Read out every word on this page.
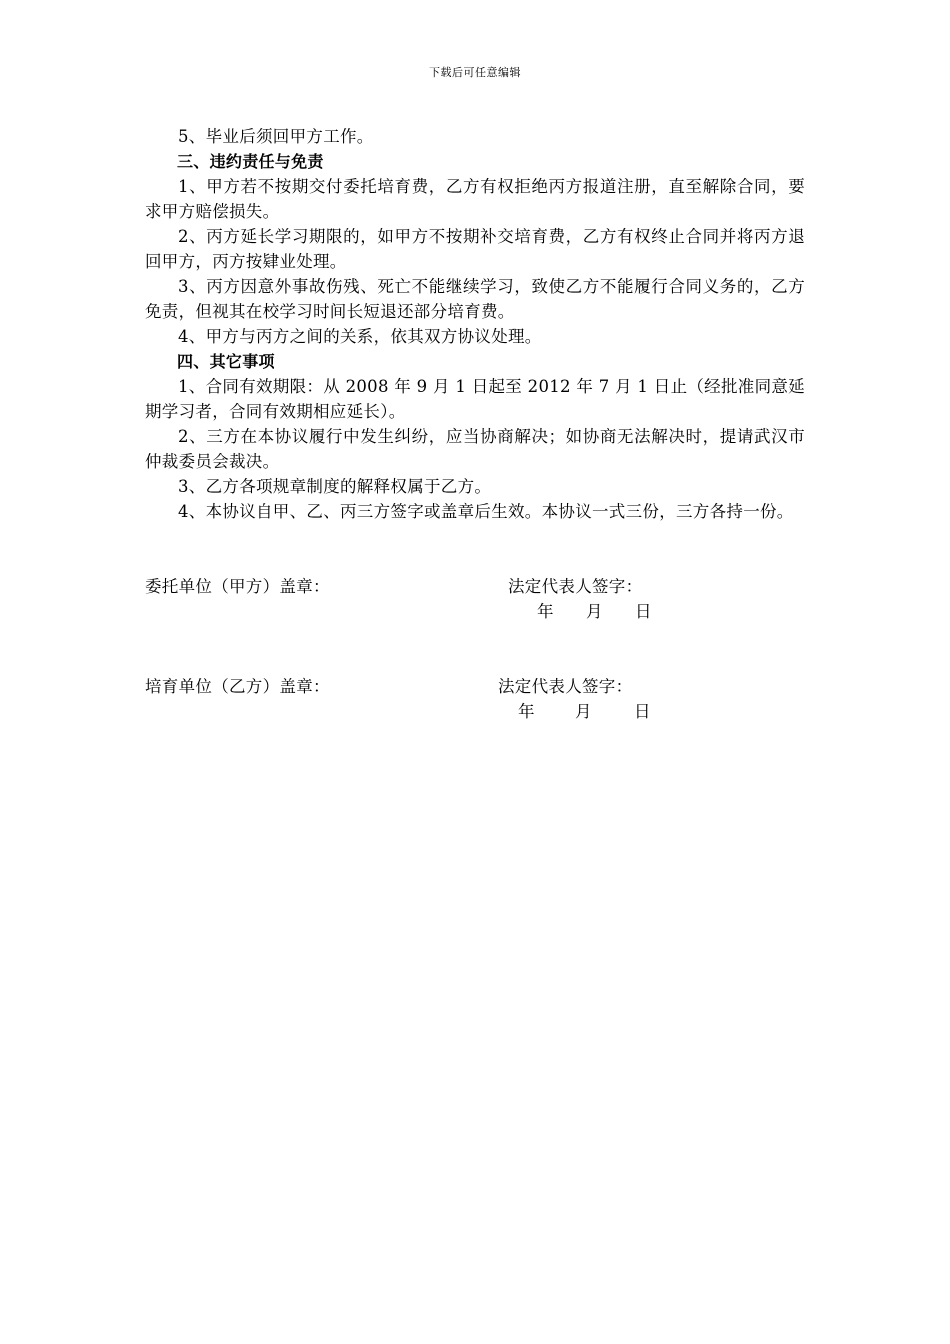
下载后可任意编辑

5、毕业后须回甲方工作。

三、违约责任与免责

1、甲方若不按期交付委托培育费，乙方有权拒绝丙方报道注册，直至解除合同，要求甲方赔偿损失。

2、丙方延长学习期限的，如甲方不按期补交培育费，乙方有权终止合同并将丙方退回甲方，丙方按肄业处理。

3、丙方因意外事故伤残、死亡不能继续学习，致使乙方不能履行合同义务的，乙方免责，但视其在校学习时间长短退还部分培育费。

4、甲方与丙方之间的关系，依其双方协议处理。

四、其它事项

1、合同有效期限：从 2008 年 9 月 1 日起至 2012 年 7 月 1 日止（经批准同意延期学习者，合同有效期相应延长）。

2、三方在本协议履行中发生纠纷，应当协商解决；如协商无法解决时，提请武汉市仲裁委员会裁决。

3、乙方各项规章制度的解释权属于乙方。

4、本协议自甲、乙、丙三方签字或盖章后生效。本协议一式三份，三方各持一份。

委托单位（甲方）盖章：	法定代表人签字：
年 月 日
培育单位（乙方）盖章：	法定代表人签字：
年 月	日
